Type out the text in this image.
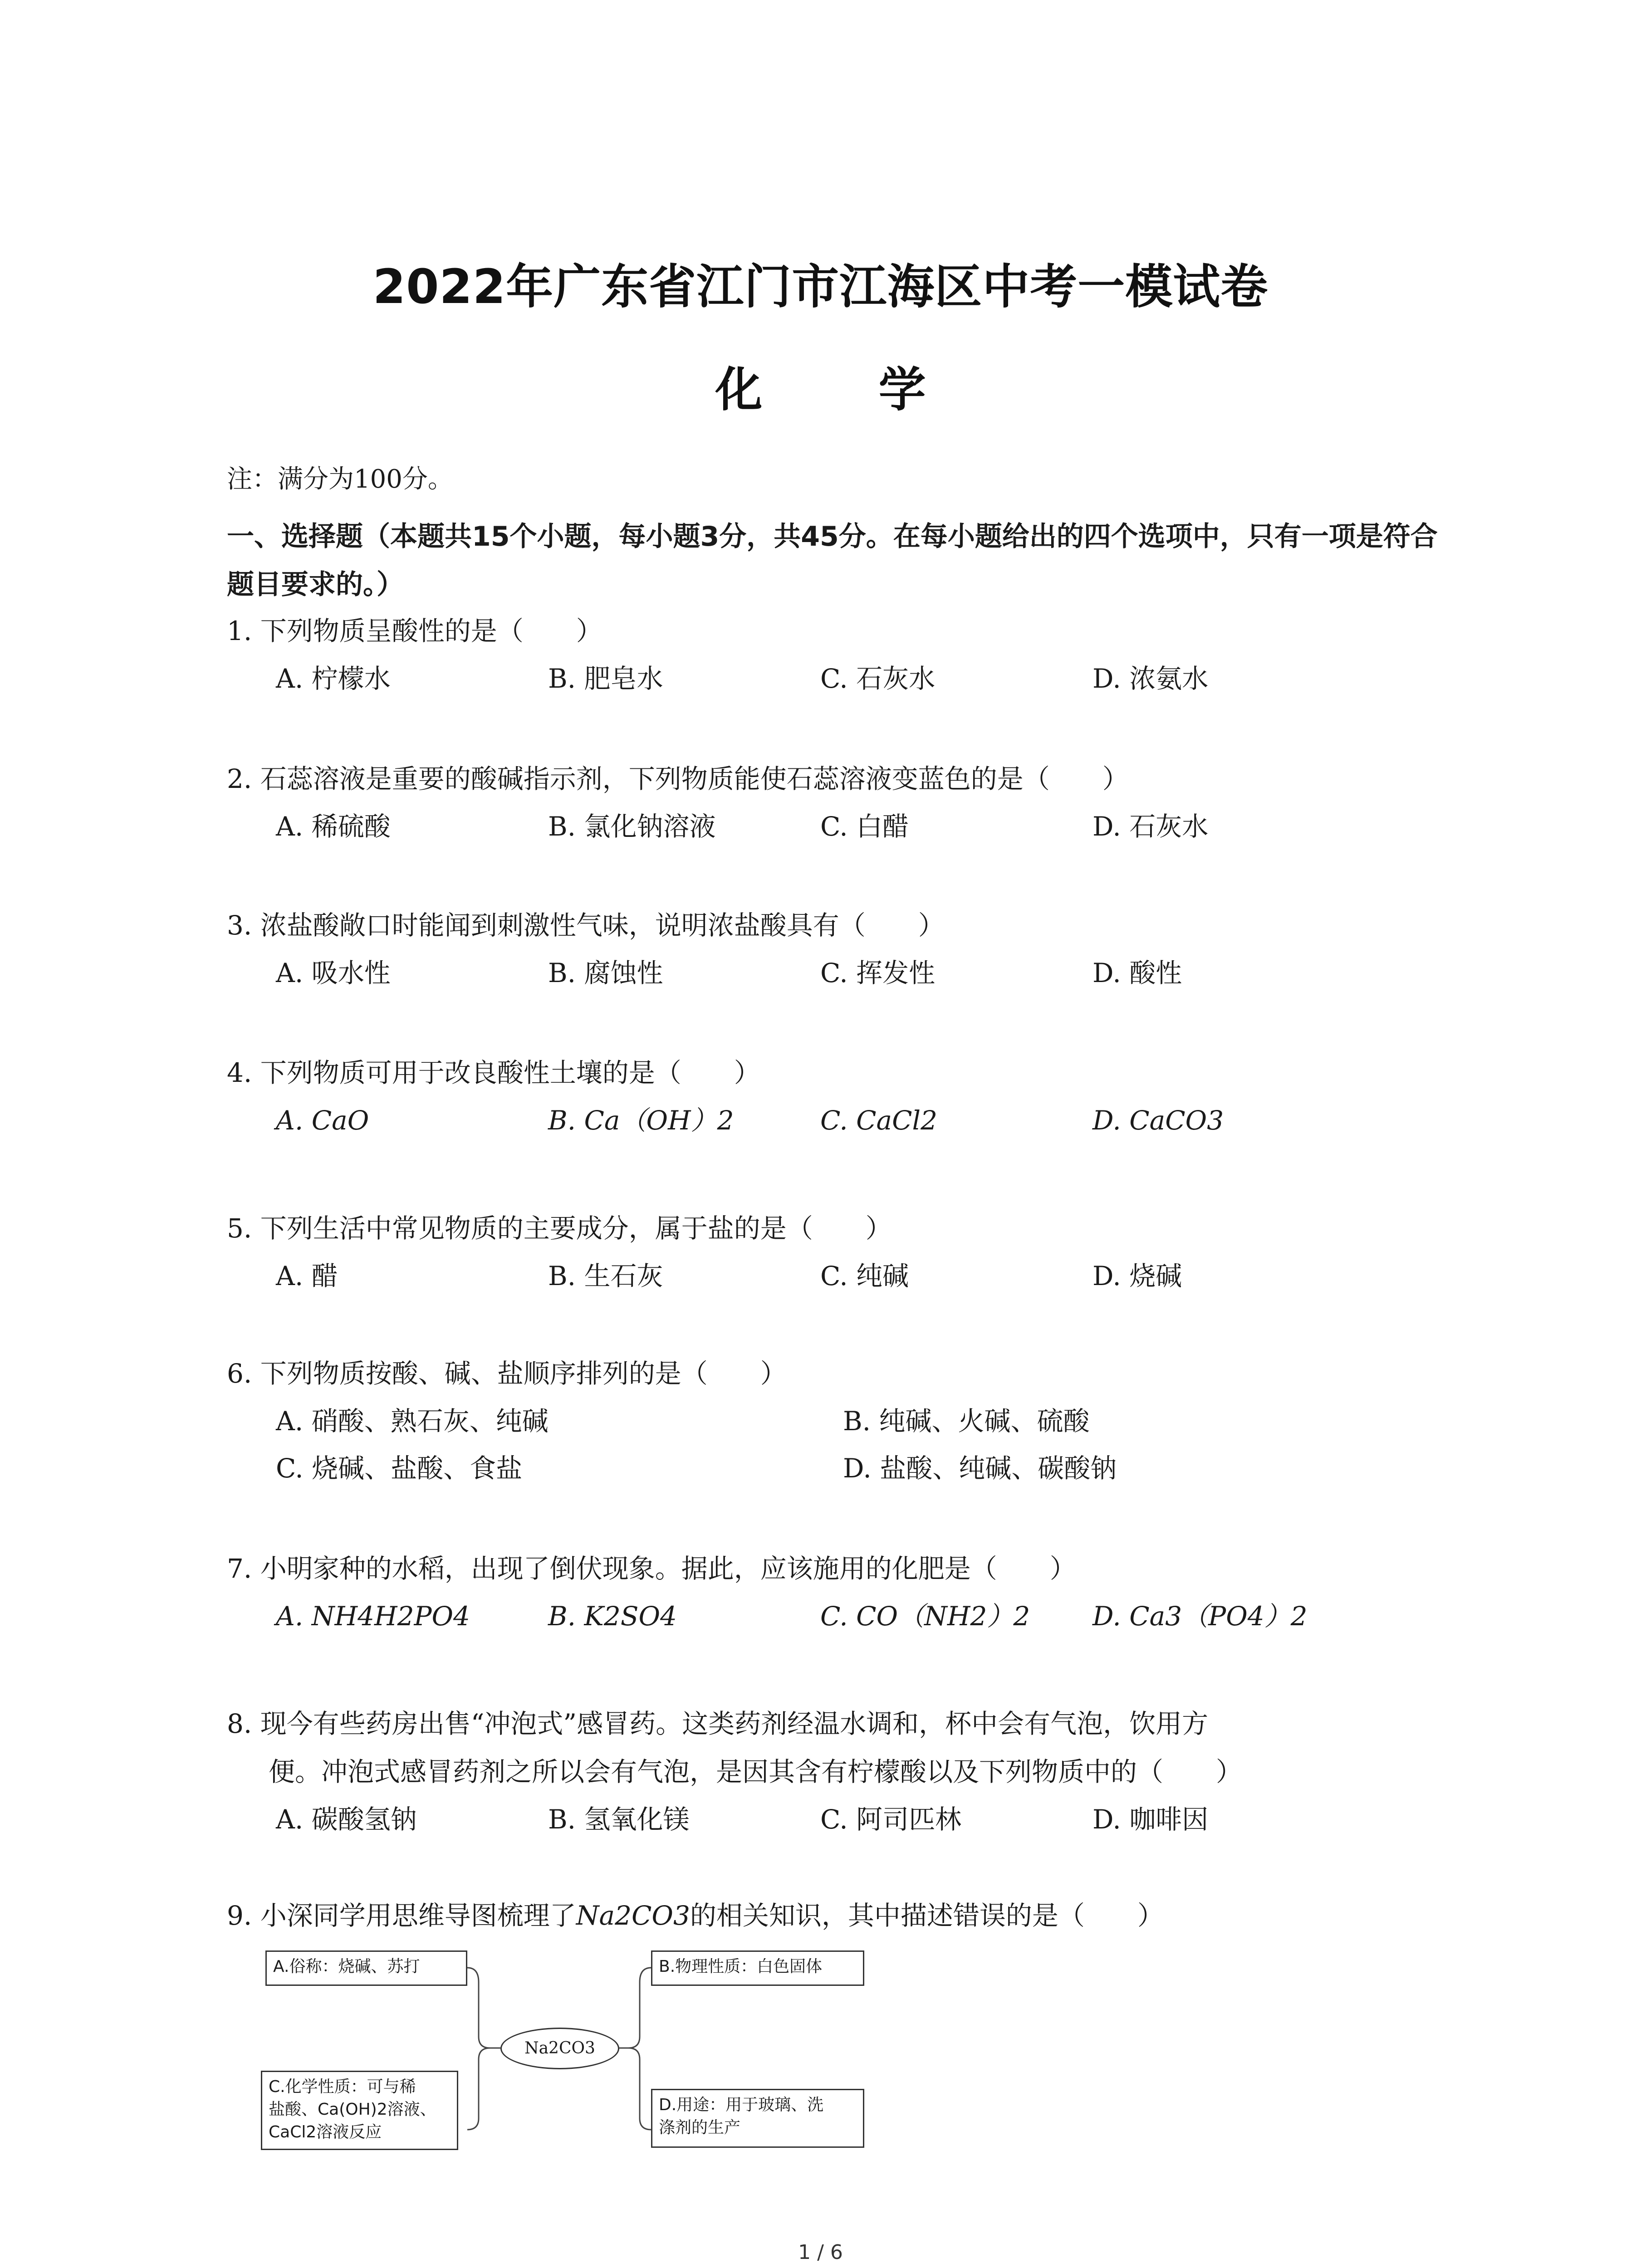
2022年广东省江门市江海区中考一模试卷
化 学
注：满分为100分。
一、选择题（本题共15个小题，每小题3分，共45分。在每小题给出的四个选项中，只有一项是符合题目要求的。）
1. 下列物质呈酸性的是（　　）
A. 柠檬水	B. 肥皂水	C. 石灰水	D. 浓氨水
2. 石蕊溶液是重要的酸碱指示剂，下列物质能使石蕊溶液变蓝色的是（　　）
A. 稀硫酸	B. 氯化钠溶液	C. 白醋	D. 石灰水
3. 浓盐酸敞口时能闻到刺激性气味，说明浓盐酸具有（　　）
A. 吸水性	B. 腐蚀性	C. 挥发性	D. 酸性
4. 下列物质可用于改良酸性土壤的是（　　）
A. CaO	B. Ca（OH）2	C. CaCl2	D. CaCO3
5. 下列生活中常见物质的主要成分，属于盐的是（　　）
A. 醋	B. 生石灰	C. 纯碱	D. 烧碱
6. 下列物质按酸、碱、盐顺序排列的是（　　）
A. 硝酸、熟石灰、纯碱	B. 纯碱、火碱、硫酸
C. 烧碱、盐酸、食盐	D. 盐酸、纯碱、碳酸钠
7. 小明家种的水稻，出现了倒伏现象。据此，应该施用的化肥是（　　）
A. NH4H2PO4	B. K2SO4	C. CO（NH2）2 D. Ca3（PO4）2
8. 现今有些药房出售“冲泡式”感冒药。这类药剂经温水调和，杯中会有气泡，饮用方
便。冲泡式感冒药剂之所以会有气泡，是因其含有柠檬酸以及下列物质中的（　　）
A. 碳酸氢钠	B. 氢氧化镁	C. 阿司匹林	D. 咖啡因
9. 小深同学用思维导图梳理了Na2CO3的相关知识，其中描述错误的是（　　）
A.俗称：烧碱、苏打	B.物理性质：白色固体
Na2CO3
C.化学性质：可与稀
盐酸、Ca(OH)2溶液、
CaCl2溶液反应
D.用途：用于玻璃、洗
涤剂的生产
1 / 6
